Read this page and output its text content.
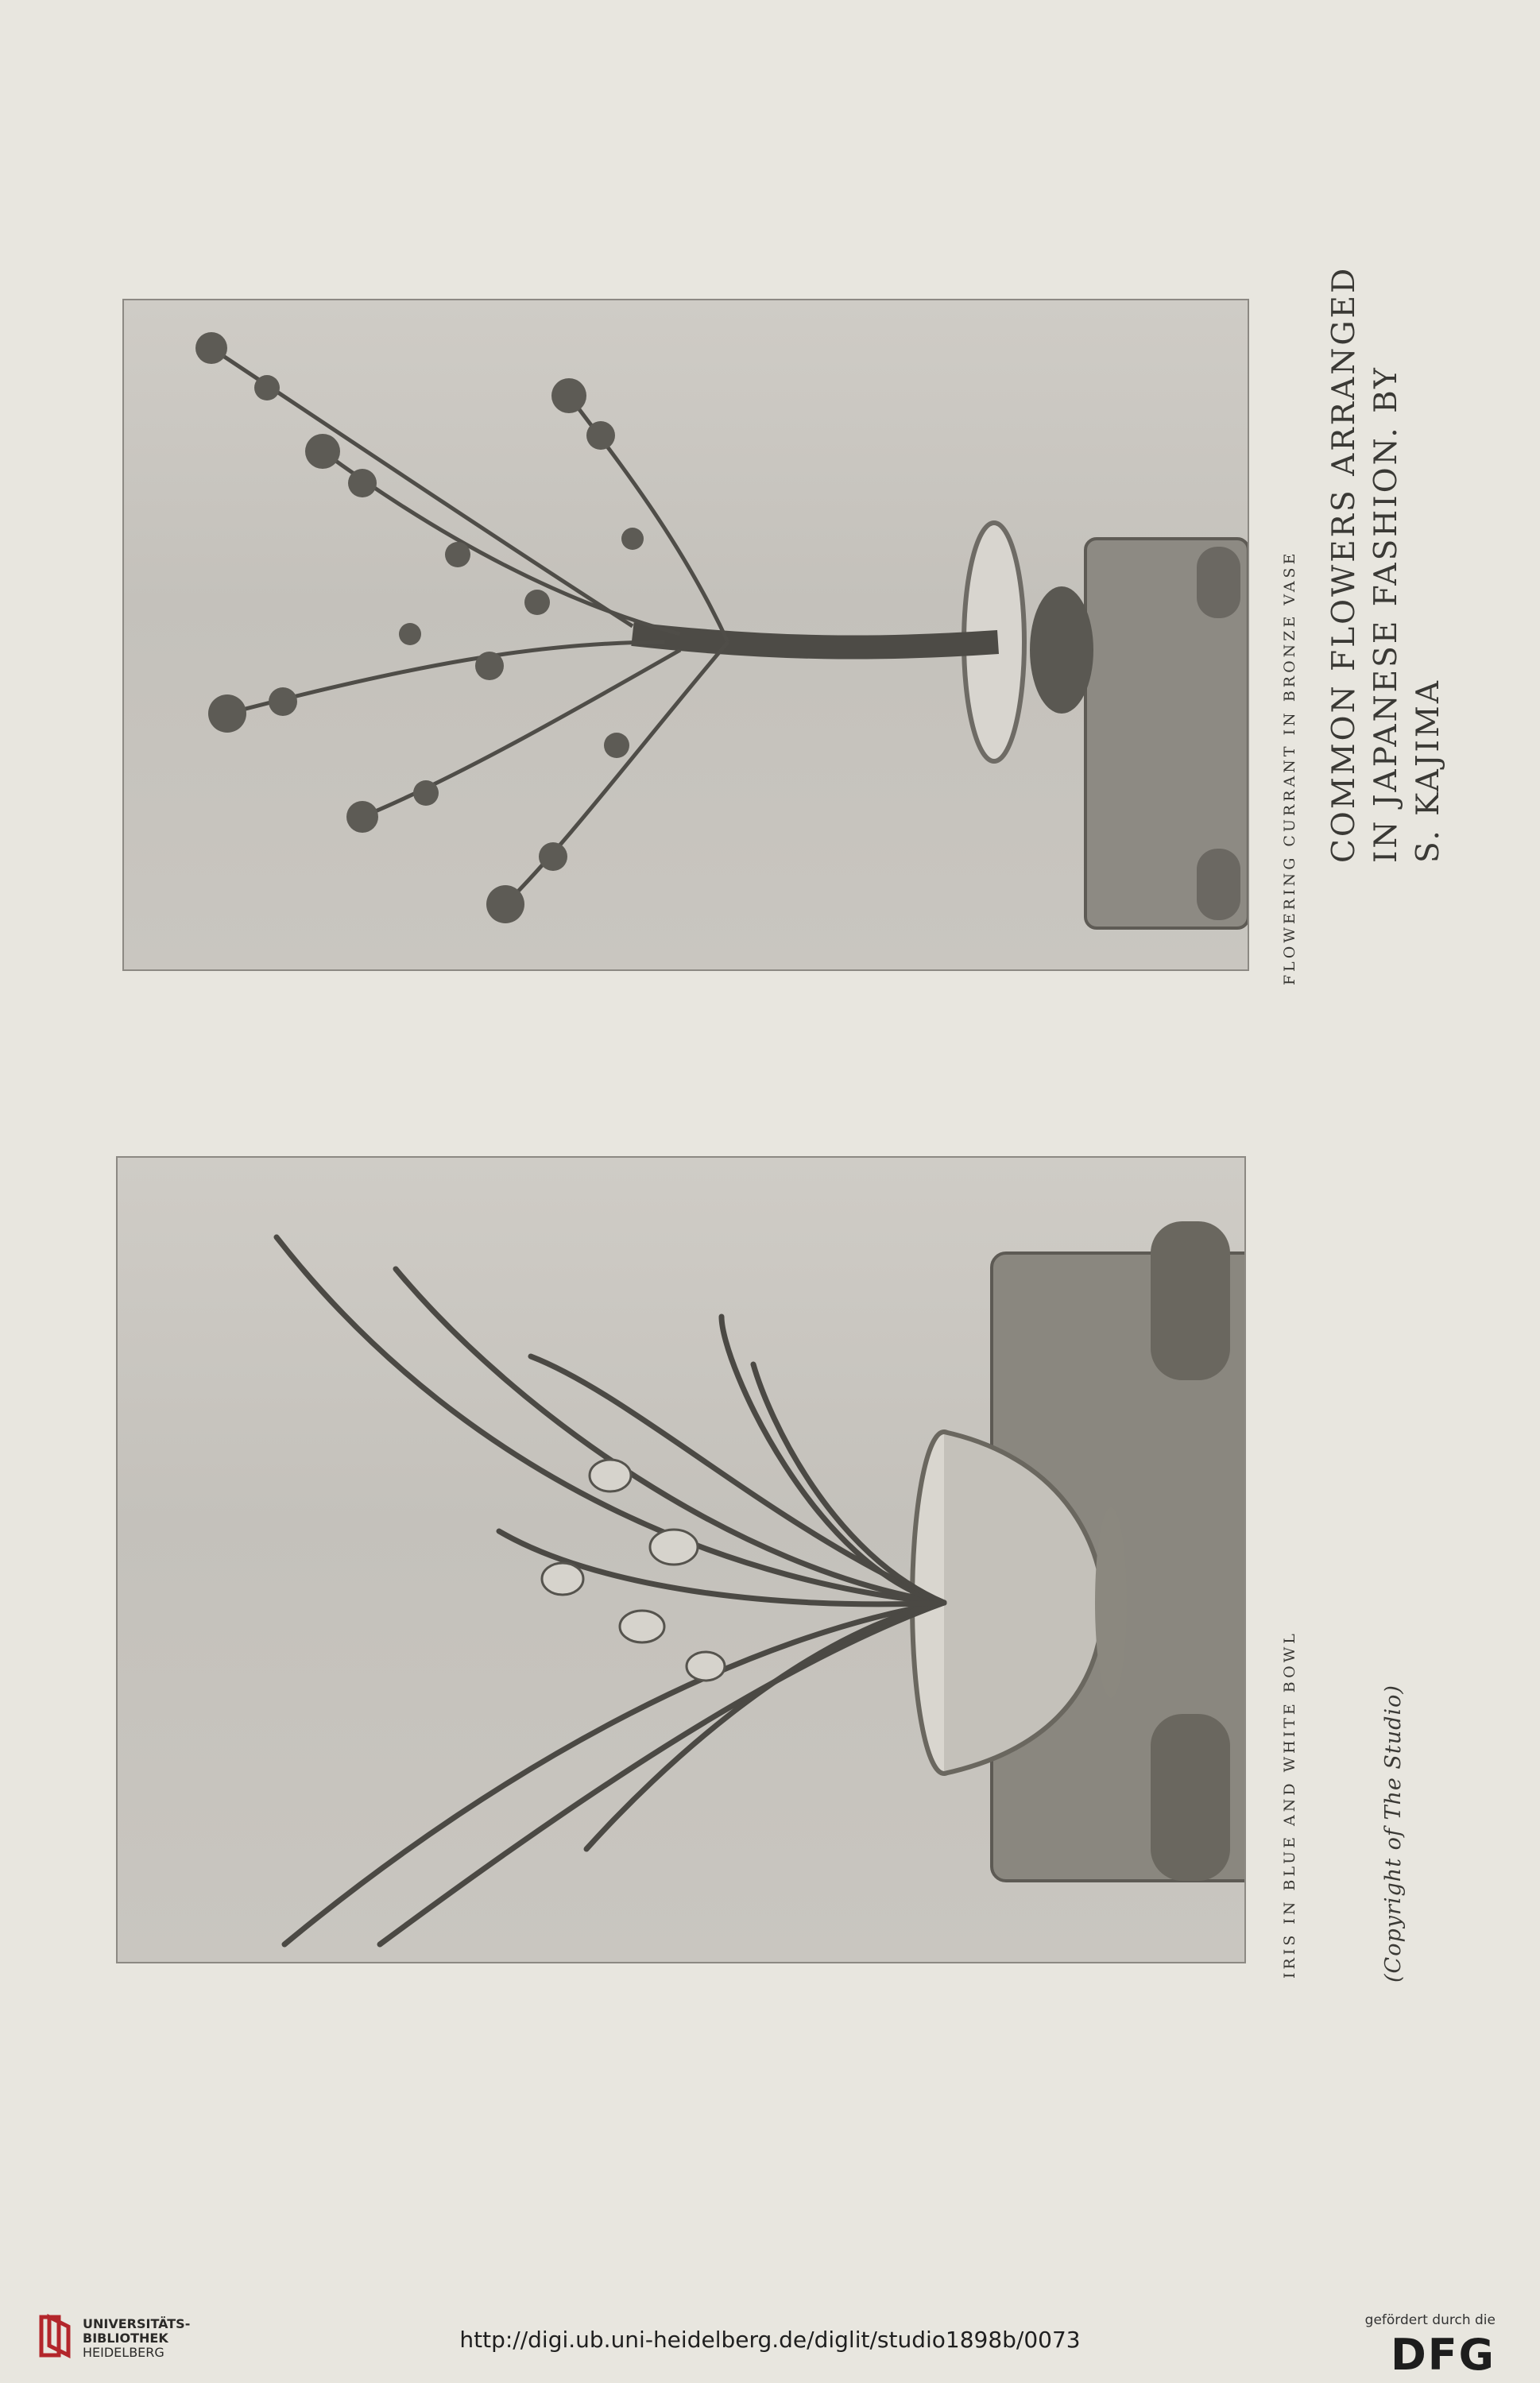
FLOWERING CURRANT IN BRONZE VASE COMMON FLOWERS ARRANGED IN JAPANESE FASHION. BY S. KAJIMA
IRIS IN BLUE AND WHITE BOWL	(Copyright of The Studio)
UNIVERSITÄTS-
BIBLIOTHEK
HEIDELBERG	http://digi.ub.uni-heidelberg.de/diglit/studio1898b/0073
gefördert durch die
DFG
